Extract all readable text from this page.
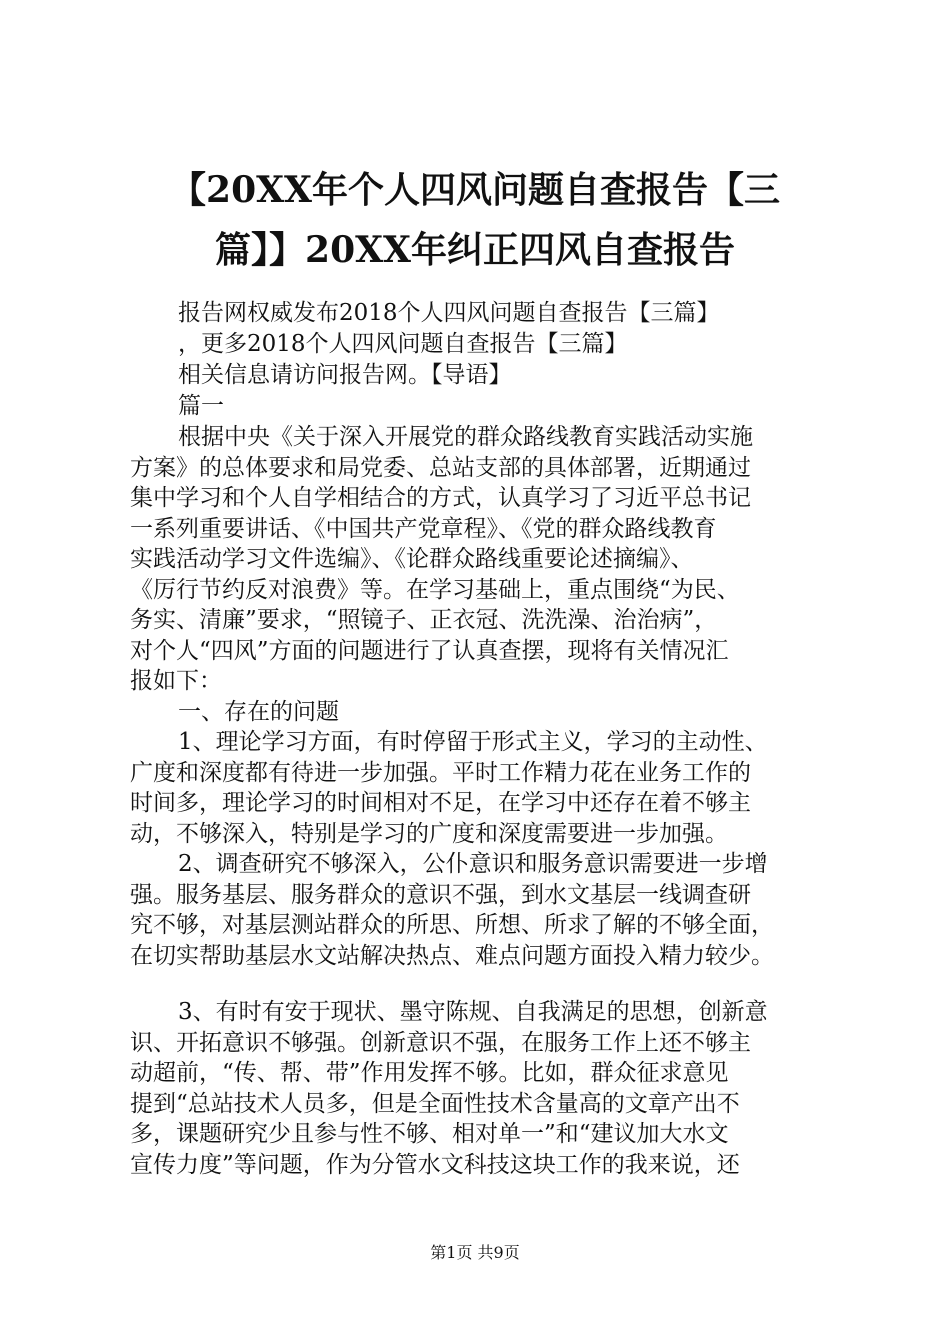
【20XX年个人四风问题自查报告【三
篇】】20XX年纠正四风自查报告

报告网权威发布2018个人四风问题自查报告【三篇】

，更多2018个人四风问题自查报告【三篇】

相关信息请访问报告网。【导语】

篇一

根据中央《关于深入开展党的群众路线教育实践活动实施
方案》的总体要求和局党委、总站支部的具体部署，近期通过
集中学习和个人自学相结合的方式，认真学习了习近平总书记
一系列重要讲话、《中国共产党章程》、《党的群众路线教育
实践活动学习文件选编》、《论群众路线重要论述摘编》、
《厉行节约反对浪费》等。在学习基础上，重点围绕“为民、
务实、清廉”要求，“照镜子、正衣冠、洗洗澡、治治病”，
对个人“四风”方面的问题进行了认真查摆，现将有关情况汇
报如下：
一、存在的问题
1、理论学习方面，有时停留于形式主义，学习的主动性、
广度和深度都有待进一步加强。平时工作精力花在业务工作的
时间多，理论学习的时间相对不足，在学习中还存在着不够主
动，不够深入，特别是学习的广度和深度需要进一步加强。
2、调查研究不够深入，公仆意识和服务意识需要进一步增
强。服务基层、服务群众的意识不强，到水文基层一线调查研
究不够，对基层测站群众的所思、所想、所求了解的不够全面，
在切实帮助基层水文站解决热点、难点问题方面投入精力较少。
3、有时有安于现状、墨守陈规、自我满足的思想，创新意
识、开拓意识不够强。创新意识不强，在服务工作上还不够主
动超前，“传、帮、带”作用发挥不够。比如，群众征求意见
提到“总站技术人员多，但是全面性技术含量高的文章产出不
多，课题研究少且参与性不够、相对单一”和“建议加大水文
宣传力度”等问题，作为分管水文科技这块工作的我来说，还

第1页 共9页
